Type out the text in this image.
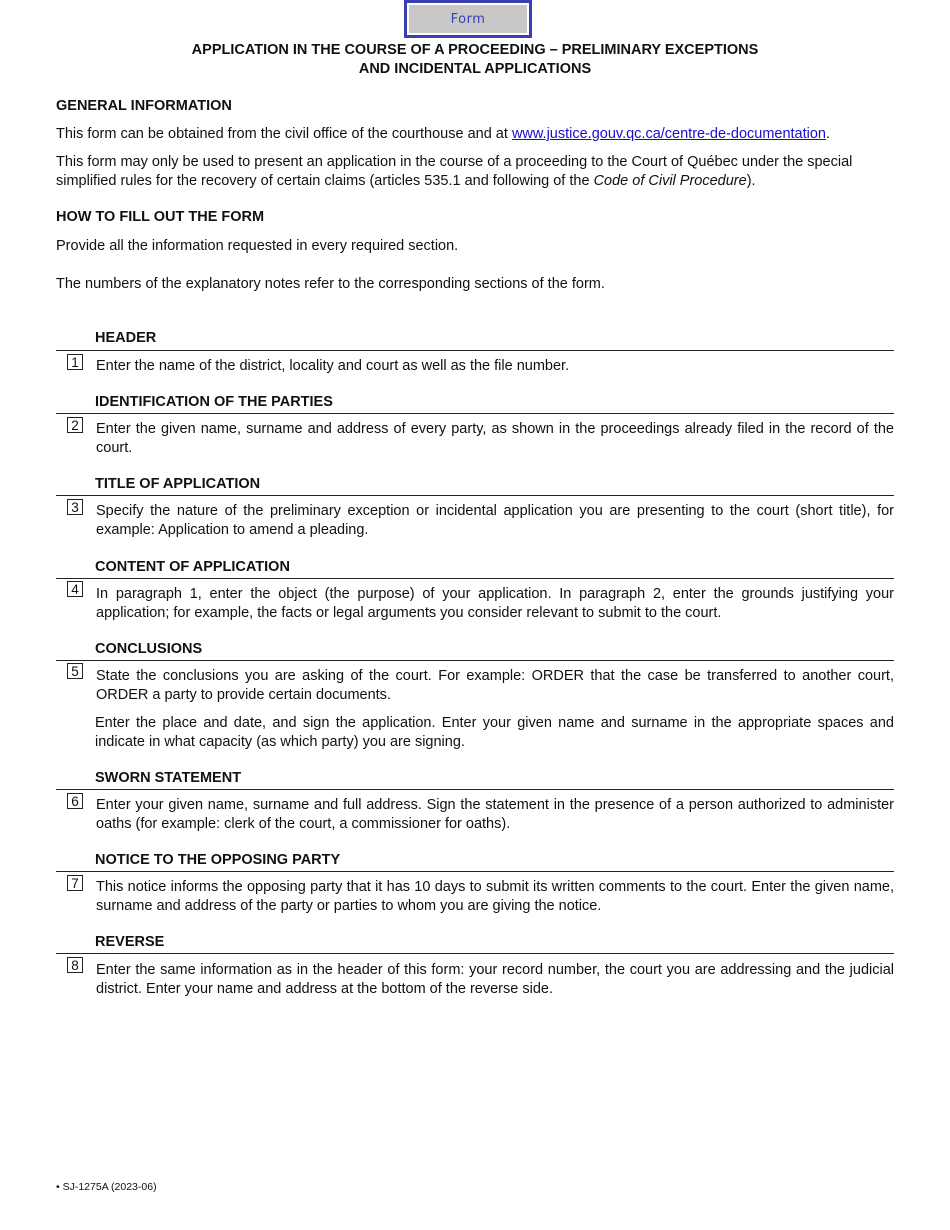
Form
APPLICATION IN THE COURSE OF A PROCEEDING – PRELIMINARY EXCEPTIONS
AND INCIDENTAL APPLICATIONS
GENERAL INFORMATION
This form can be obtained from the civil office of the courthouse and at www.justice.gouv.qc.ca/centre-de-documentation.
This form may only be used to present an application in the course of a proceeding to the Court of Québec under the special simplified rules for the recovery of certain claims (articles 535.1 and following of the Code of Civil Procedure).
HOW TO FILL OUT THE FORM
Provide all the information requested in every required section.
The numbers of the explanatory notes refer to the corresponding sections of the form.
HEADER
1 Enter the name of the district, locality and court as well as the file number.
IDENTIFICATION OF THE PARTIES
2 Enter the given name, surname and address of every party, as shown in the proceedings already filed in the record of the court.
TITLE OF APPLICATION
3 Specify the nature of the preliminary exception or incidental application you are presenting to the court (short title), for example: Application to amend a pleading.
CONTENT OF APPLICATION
4 In paragraph 1, enter the object (the purpose) of your application. In paragraph 2, enter the grounds justifying your application; for example, the facts or legal arguments you consider relevant to submit to the court.
CONCLUSIONS
5 State the conclusions you are asking of the court. For example: ORDER that the case be transferred to another court, ORDER a party to provide certain documents.
Enter the place and date, and sign the application. Enter your given name and surname in the appropriate spaces and indicate in what capacity (as which party) you are signing.
SWORN STATEMENT
6 Enter your given name, surname and full address. Sign the statement in the presence of a person authorized to administer oaths (for example: clerk of the court, a commissioner for oaths).
NOTICE TO THE OPPOSING PARTY
7 This notice informs the opposing party that it has 10 days to submit its written comments to the court. Enter the given name, surname and address of the party or parties to whom you are giving the notice.
REVERSE
8 Enter the same information as in the header of this form: your record number, the court you are addressing and the judicial district. Enter your name and address at the bottom of the reverse side.
• SJ-1275A (2023-06)
